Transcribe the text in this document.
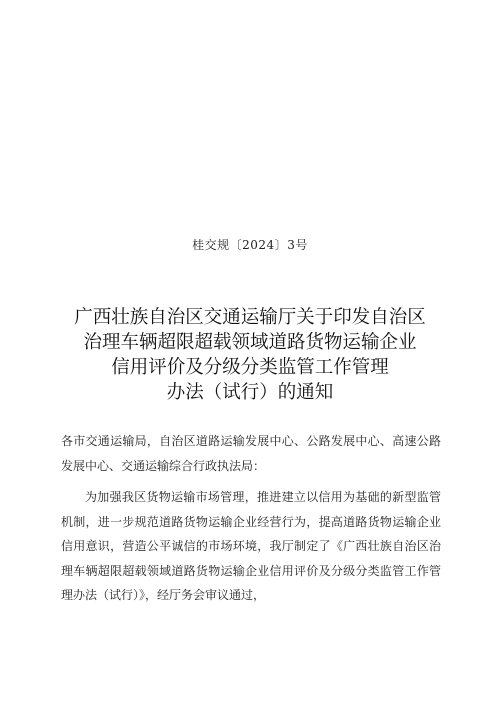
桂交规〔2024〕3号
广西壮族自治区交通运输厅关于印发自治区
治理车辆超限超载领域道路货物运输企业
信用评价及分级分类监管工作管理
办法（试行）的通知

各市交通运输局，自治区道路运输发展中心、公路发展中心、高速公路发展中心、交通运输综合行政执法局：

为加强我区货物运输市场管理，推进建立以信用为基础的新型监管机制，进一步规范道路货物运输企业经营行为，提高道路货物运输企业信用意识，营造公平诚信的市场环境，我厅制定了《广西壮族自治区治理车辆超限超载领域道路货物运输企业信用评价及分级分类监管工作管理办法（试行）》，经厅务会审议通过，
